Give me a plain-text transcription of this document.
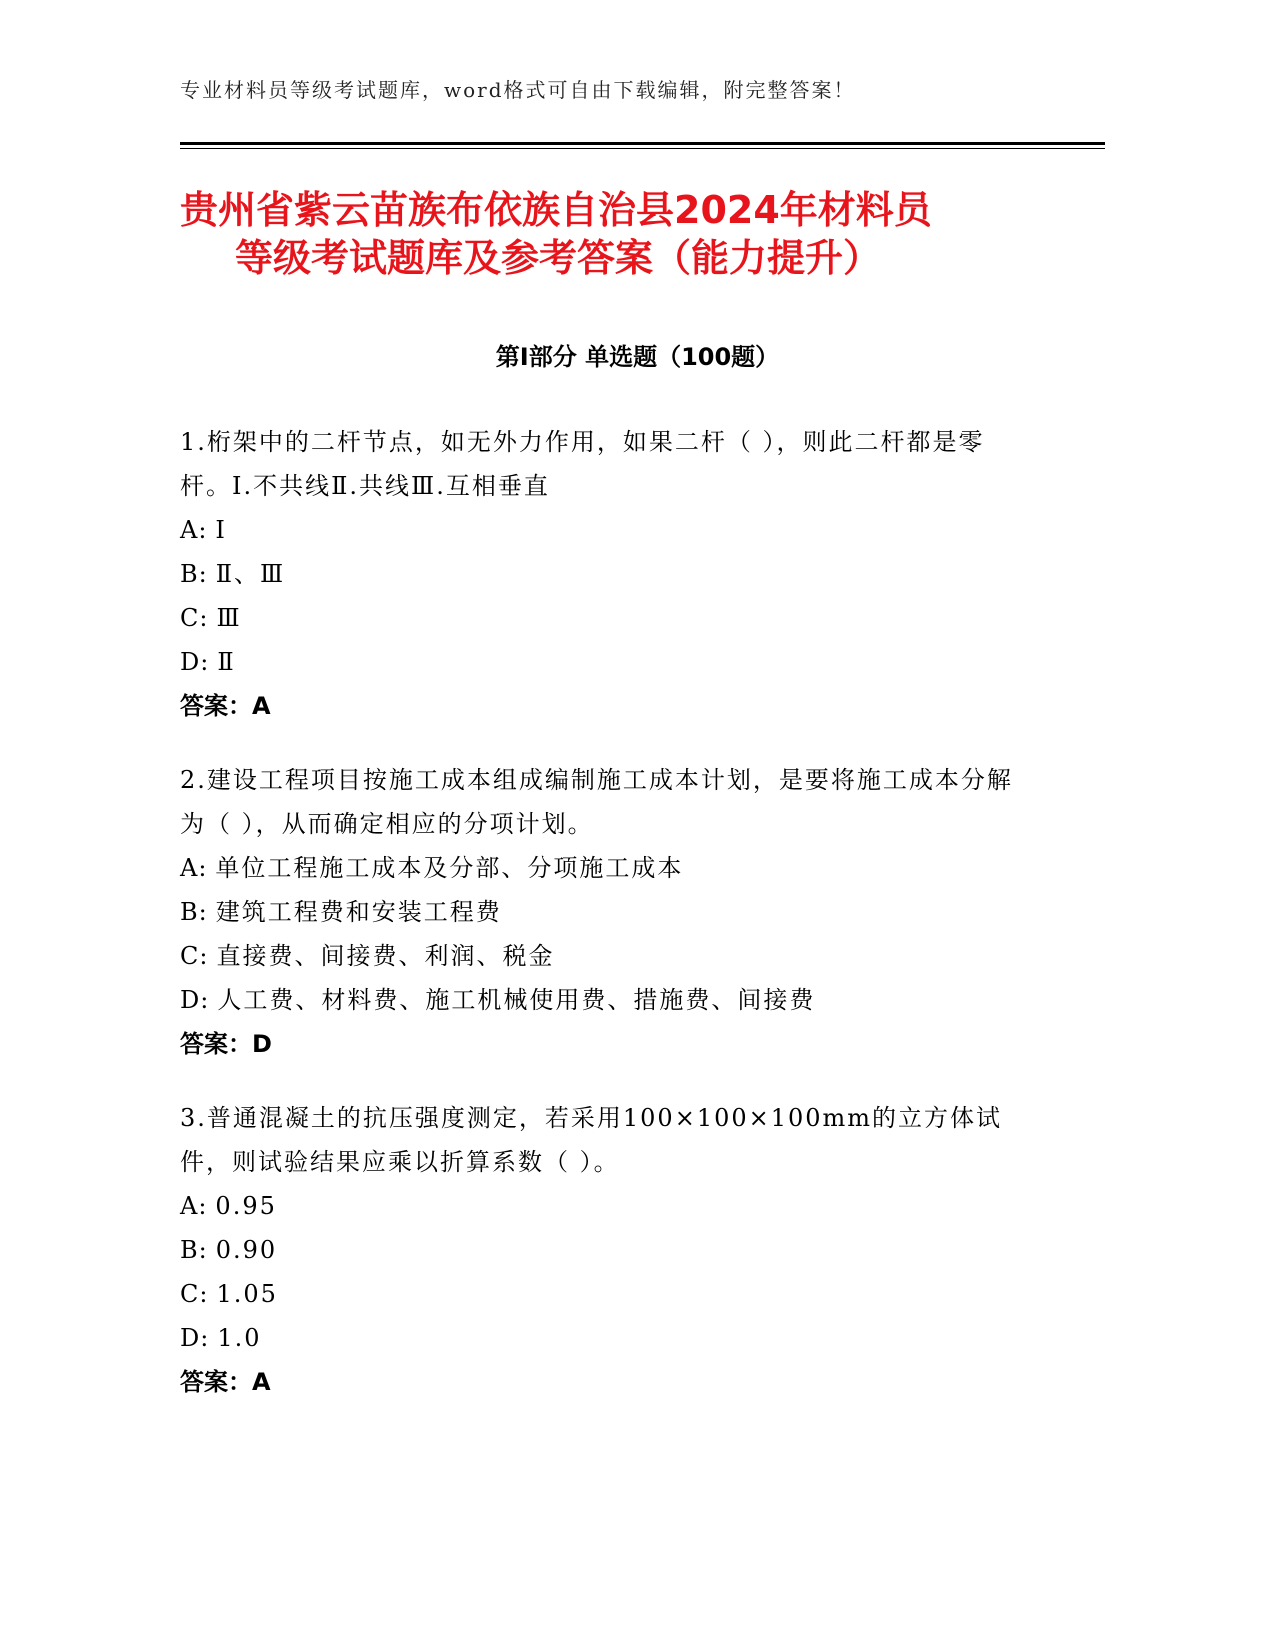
专业材料员等级考试题库，word格式可自由下载编辑，附完整答案！
贵州省紫云苗族布依族自治县2024年材料员
等级考试题库及参考答案（能力提升）
第Ⅰ部分 单选题（100题）
1.桁架中的二杆节点，如无外力作用，如果二杆（ ），则此二杆都是零杆。I.不共线Ⅱ.共线Ⅲ.互相垂直
A: I
B: Ⅱ、Ⅲ
C: Ⅲ
D: Ⅱ
答案：A
2.建设工程项目按施工成本组成编制施工成本计划，是要将施工成本分解为（ ），从而确定相应的分项计划。
A: 单位工程施工成本及分部、分项施工成本
B: 建筑工程费和安装工程费
C: 直接费、间接费、利润、税金
D: 人工费、材料费、施工机械使用费、措施费、间接费
答案：D
3.普通混凝土的抗压强度测定，若采用100×100×100mm的立方体试件，则试验结果应乘以折算系数（ ）。
A: 0.95
B: 0.90
C: 1.05
D: 1.0
答案：A
